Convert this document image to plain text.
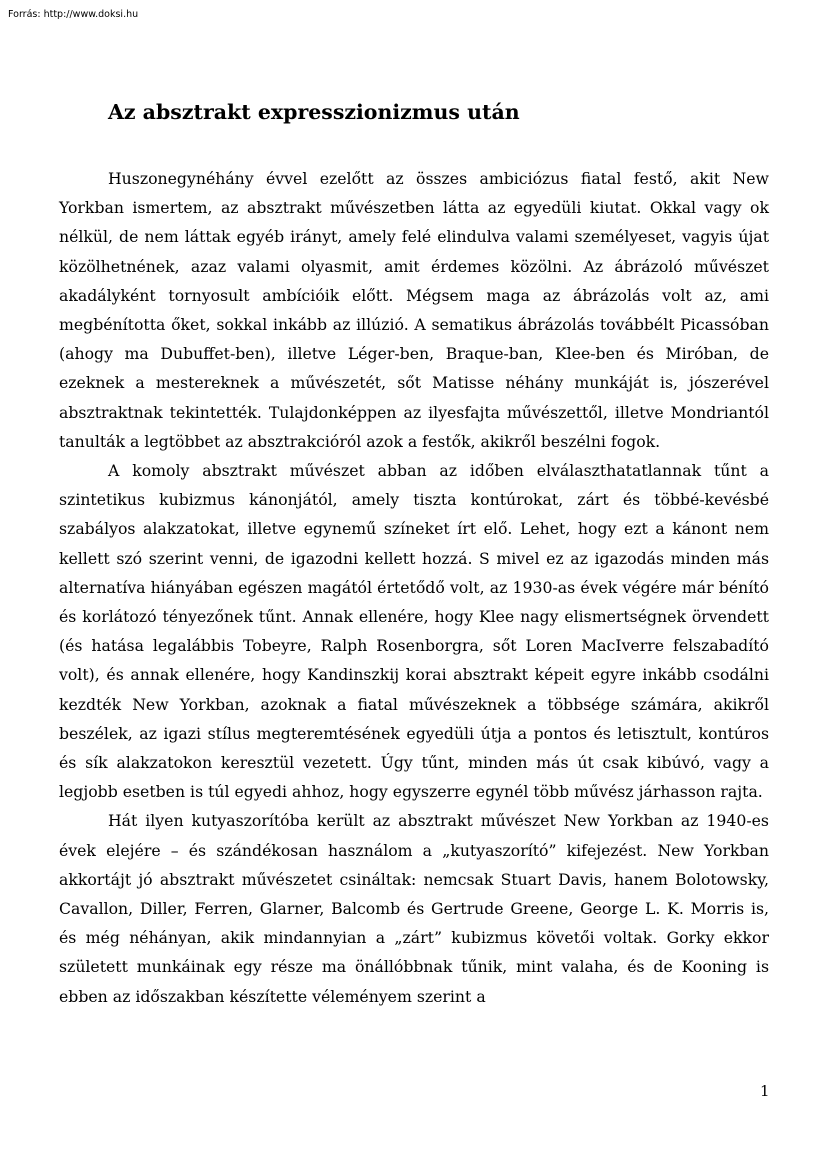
Forrás: http://www.doksi.hu
Az absztrakt expresszionizmus után

Huszonegynéhány évvel ezelőtt az összes ambiciózus fiatal festő, akit New Yorkban ismertem, az absztrakt művészetben látta az egyedüli kiutat. Okkal vagy ok nélkül, de nem láttak egyéb irányt, amely felé elindulva valami személyeset, vagyis újat közölhetnének, azaz valami olyasmit, amit érdemes közölni. Az ábrázoló művészet akadályként tornyosult ambícióik előtt. Mégsem maga az ábrázolás volt az, ami megbénította őket, sokkal inkább az illúzió. A sematikus ábrázolás továbbélt Picassóban (ahogy ma Dubuffet-ben), illetve Léger-ben, Braque-ban, Klee-ben és Miróban, de ezeknek a mestereknek a művészetét, sőt Matisse néhány munkáját is, jószerével absztraktnak tekintették. Tulajdonképpen az ilyesfajta művészettől, illetve Mondriantól tanulták a legtöbbet az absztrakcióról azok a festők, akikről beszélni fogok.

A komoly absztrakt művészet abban az időben elválaszthatatlannak tűnt a szintetikus kubizmus kánonjától, amely tiszta kontúrokat, zárt és többé-kevésbé szabályos alakzatokat, illetve egynemű színeket írt elő. Lehet, hogy ezt a kánont nem kellett szó szerint venni, de igazodni kellett hozzá. S mivel ez az igazodás minden más alternatíva hiányában egészen magától értetődő volt, az 1930-as évek végére már bénító és korlátozó tényezőnek tűnt. Annak ellenére, hogy Klee nagy elismertségnek örvendett (és hatása legalábbis Tobeyre, Ralph Rosenborgra, sőt Loren MacIverre felszabadító volt), és annak ellenére, hogy Kandinszkij korai absztrakt képeit egyre inkább csodálni kezdték New Yorkban, azoknak a fiatal művészeknek a többsége számára, akikről beszélek, az igazi stílus megteremtésének egyedüli útja a pontos és letisztult, kontúros és sík alakzatokon keresztül vezetett. Úgy tűnt, minden más út csak kibúvó, vagy a legjobb esetben is túl egyedi ahhoz, hogy egyszerre egynél több művész járhasson rajta.

Hát ilyen kutyaszorítóba került az absztrakt művészet New Yorkban az 1940-es évek elejére – és szándékosan használom a „kutyaszorító” kifejezést. New Yorkban akkortájt jó absztrakt művészetet csináltak: nemcsak Stuart Davis, hanem Bolotowsky, Cavallon, Diller, Ferren, Glarner, Balcomb és Gertrude Greene, George L. K. Morris is, és még néhányan, akik mindannyian a „zárt” kubizmus követői voltak. Gorky ekkor született munkáinak egy része ma önállóbbnak tűnik, mint valaha, és de Kooning is ebben az időszakban készítette véleményem szerint a

1
